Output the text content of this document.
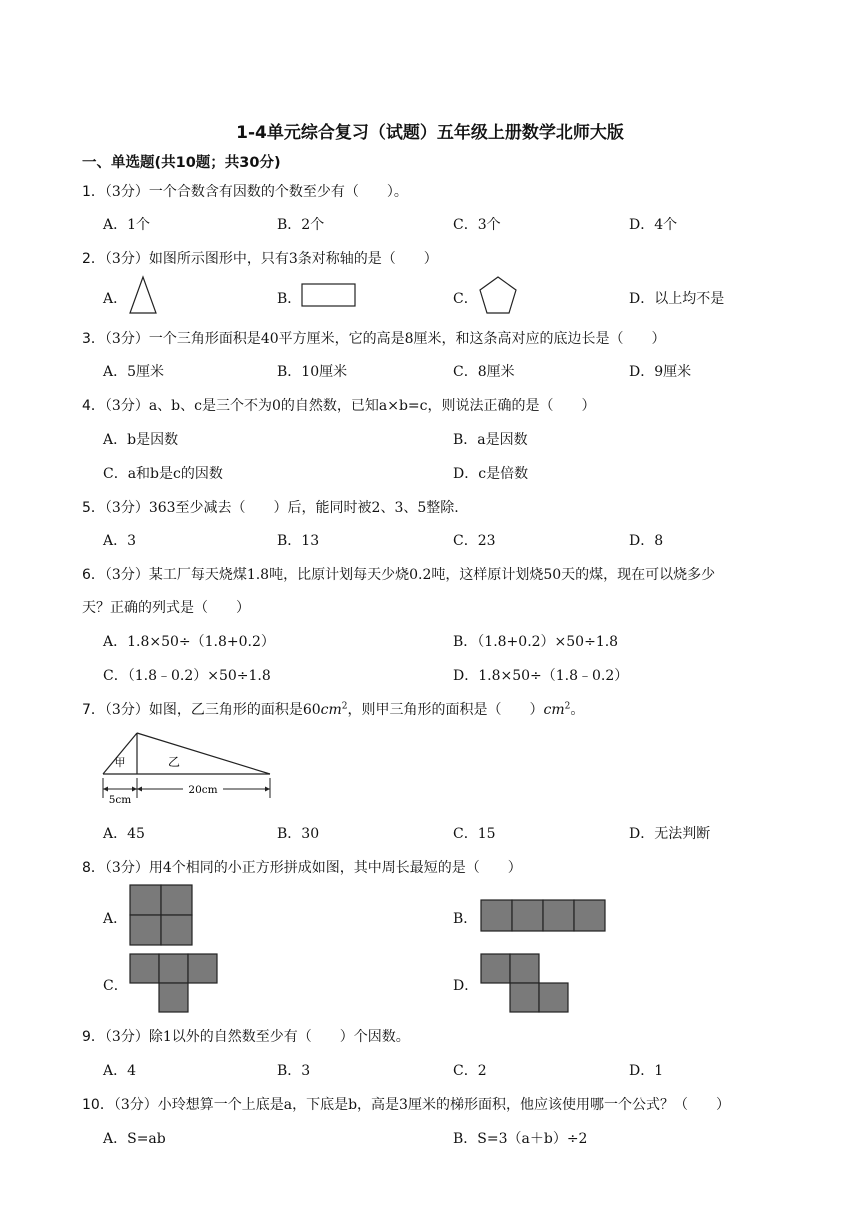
1-4单元综合复习（试题）五年级上册数学北师大版
一、单选题(共10题；共30分)
1．（3分）一个合数含有因数的个数至少有（　　）。
A．1个	B．2个	C．3个	D．4个
2．（3分）如图所示图形中，只有3条对称轴的是（　　）
A．	B．	C．	D．以上均不是
3．（3分）一个三角形面积是40平方厘米，它的高是8厘米，和这条高对应的底边长是（　　）
A．5厘米	B．10厘米	C．8厘米	D．9厘米
4．（3分）a、b、c是三个不为0的自然数，已知a×b=c，则说法正确的是（　　）
A．b是因数	B．a是因数
C．a和b是c的因数	D．c是倍数
5．（3分）363至少减去（　　）后，能同时被2、3、5整除.
A．3	B．13	C．23	D．8
6．（3分）某工厂每天烧煤1.8吨，比原计划每天少烧0.2吨，这样原计划烧50天的煤，现在可以烧多少
天？正确的列式是（　　）
A．1.8×50÷（1.8+0.2）	B．（1.8+0.2）×50÷1.8
C．（1.8﹣0.2）×50÷1.8	D．1.8×50÷（1.8﹣0.2）
7．（3分）如图，乙三角形的面积是$60cm^2$，则甲三角形的面积是（　　）$cm^2$。
甲	乙
5cm
20cm
A．45	B．30	C．15	D．无法判断
8．（3分）用4个相同的小正方形拼成如图，其中周长最短的是（　　）
A．	B．
C．	D．
9．（3分）除1以外的自然数至少有（　　）个因数。
A．4	B．3	C．2	D．1
10．（3分）小玲想算一个上底是a，下底是b，高是3厘米的梯形面积，他应该使用哪一个公式？（　　）
A．S=ab	B．S=3（a＋b）÷2
